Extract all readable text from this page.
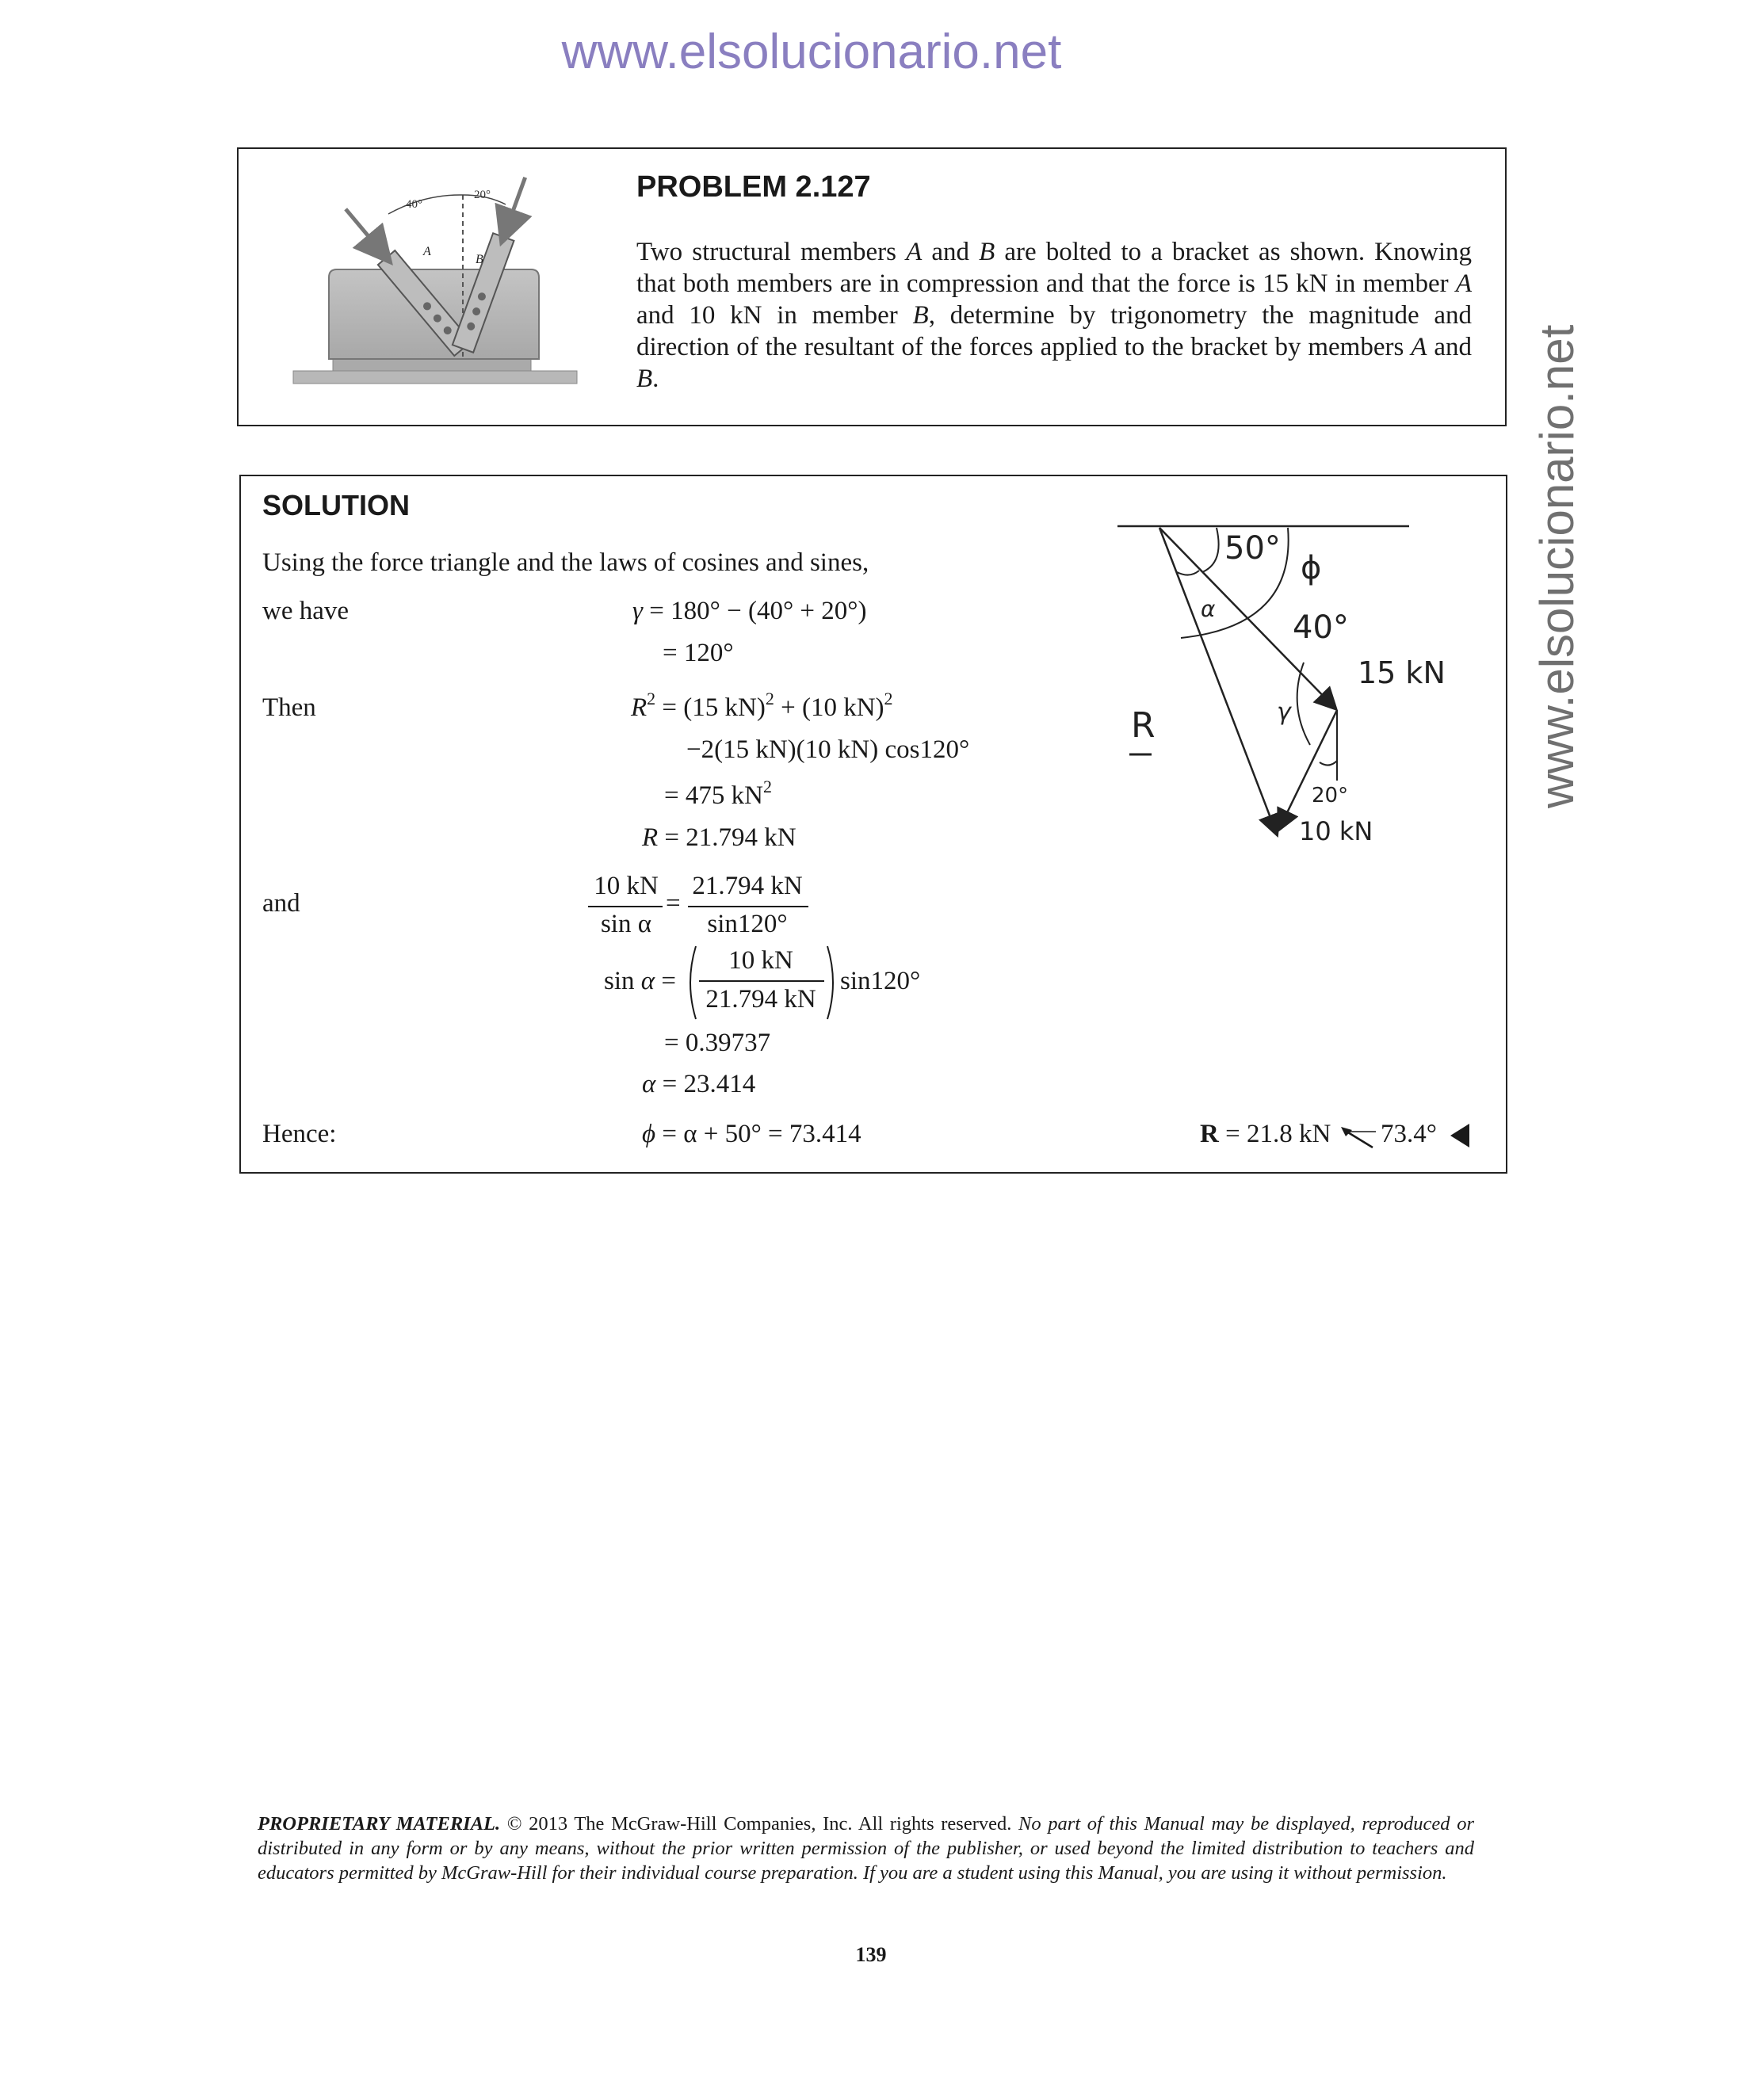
www.elsolucionario.net
www.elsolucionario.net
40°
20°
A
B
PROBLEM 2.127
Two structural members A and B are bolted to a bracket as shown. Knowing that both members are in compression and that the force is 15 kN in member A and 10 kN in member B, determine by trigonometry the magnitude and direction of the resultant of the forces applied to the bracket by members A and B.
SOLUTION
Using the force triangle and the laws of cosines and sines,
we have	γ = 180° − (40° + 20°)
= 120°
Then	$R^2 = (15$ kN)$^2$ + (10 kN)$^2$
−2(15 kN)(10 kN) cos120°
= 475 $kN^2$
R = 21.794 kN
and
10 kN
sin α
=
21.794 kN
sin120°
sin α =
10 kN
21.794 kN
sin120°
= 0.39737
α = 23.414
Hence:	ϕ = α + 50° = 73.414	R = 21.8 kN 73.4°
50°
ϕ
α
40°
15 kN
R	γ
20°
10 kN
PROPRIETARY MATERIAL. © 2013 The McGraw-Hill Companies, Inc. All rights reserved. No part of this Manual may be displayed, reproduced or distributed in any form or by any means, without the prior written permission of the publisher, or used beyond the limited distribution to teachers and educators permitted by McGraw-Hill for their individual course preparation. If you are a student using this Manual, you are using it without permission.
139
